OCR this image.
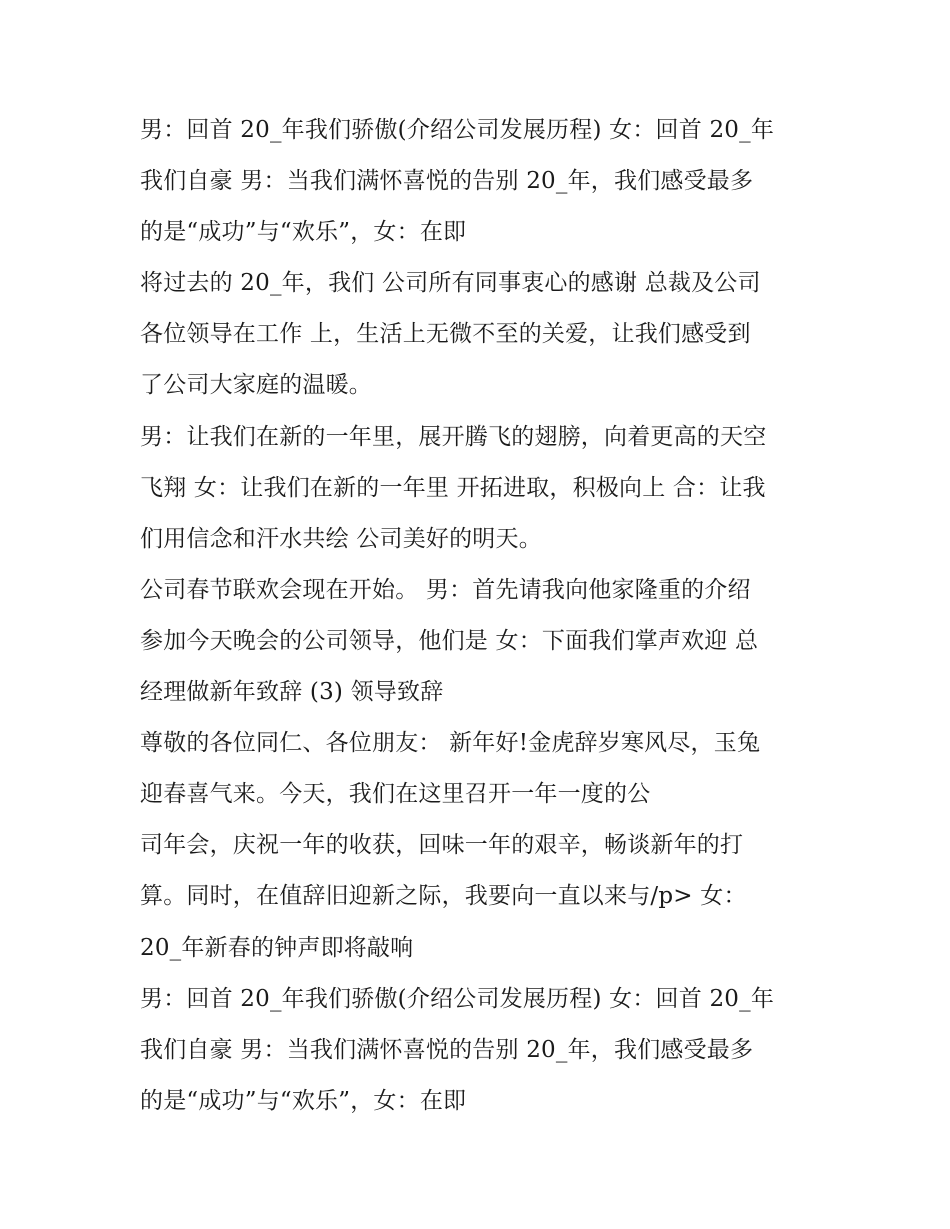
男：回首 20_年我们骄傲(介绍公司发展历程) 女：回首 20_年
我们自豪 男：当我们满怀喜悦的告别 20_年，我们感受最多
的是“成功”与“欢乐”，女：在即
将过去的 20_年，我们 公司所有同事衷心的感谢 总裁及公司
各位领导在工作 上，生活上无微不至的关爱，让我们感受到
了公司大家庭的温暖。
男：让我们在新的一年里，展开腾飞的翅膀，向着更高的天空
飞翔 女：让我们在新的一年里 开拓进取，积极向上 合：让我
们用信念和汗水共绘 公司美好的明天。
公司春节联欢会现在开始。 男：首先请我向他家隆重的介绍
参加今天晚会的公司领导，他们是 女：下面我们掌声欢迎 总
经理做新年致辞 (3) 领导致辞
尊敬的各位同仁、各位朋友： 新年好!金虎辞岁寒风尽，玉兔
迎春喜气来。今天，我们在这里召开一年一度的公
司年会，庆祝一年的收获，回味一年的艰辛，畅谈新年的打
算。同时，在值辞旧迎新之际，我要向一直以来与/p> 女：
20_年新春的钟声即将敲响
男：回首 20_年我们骄傲(介绍公司发展历程) 女：回首 20_年
我们自豪 男：当我们满怀喜悦的告别 20_年，我们感受最多
的是“成功”与“欢乐”，女：在即
